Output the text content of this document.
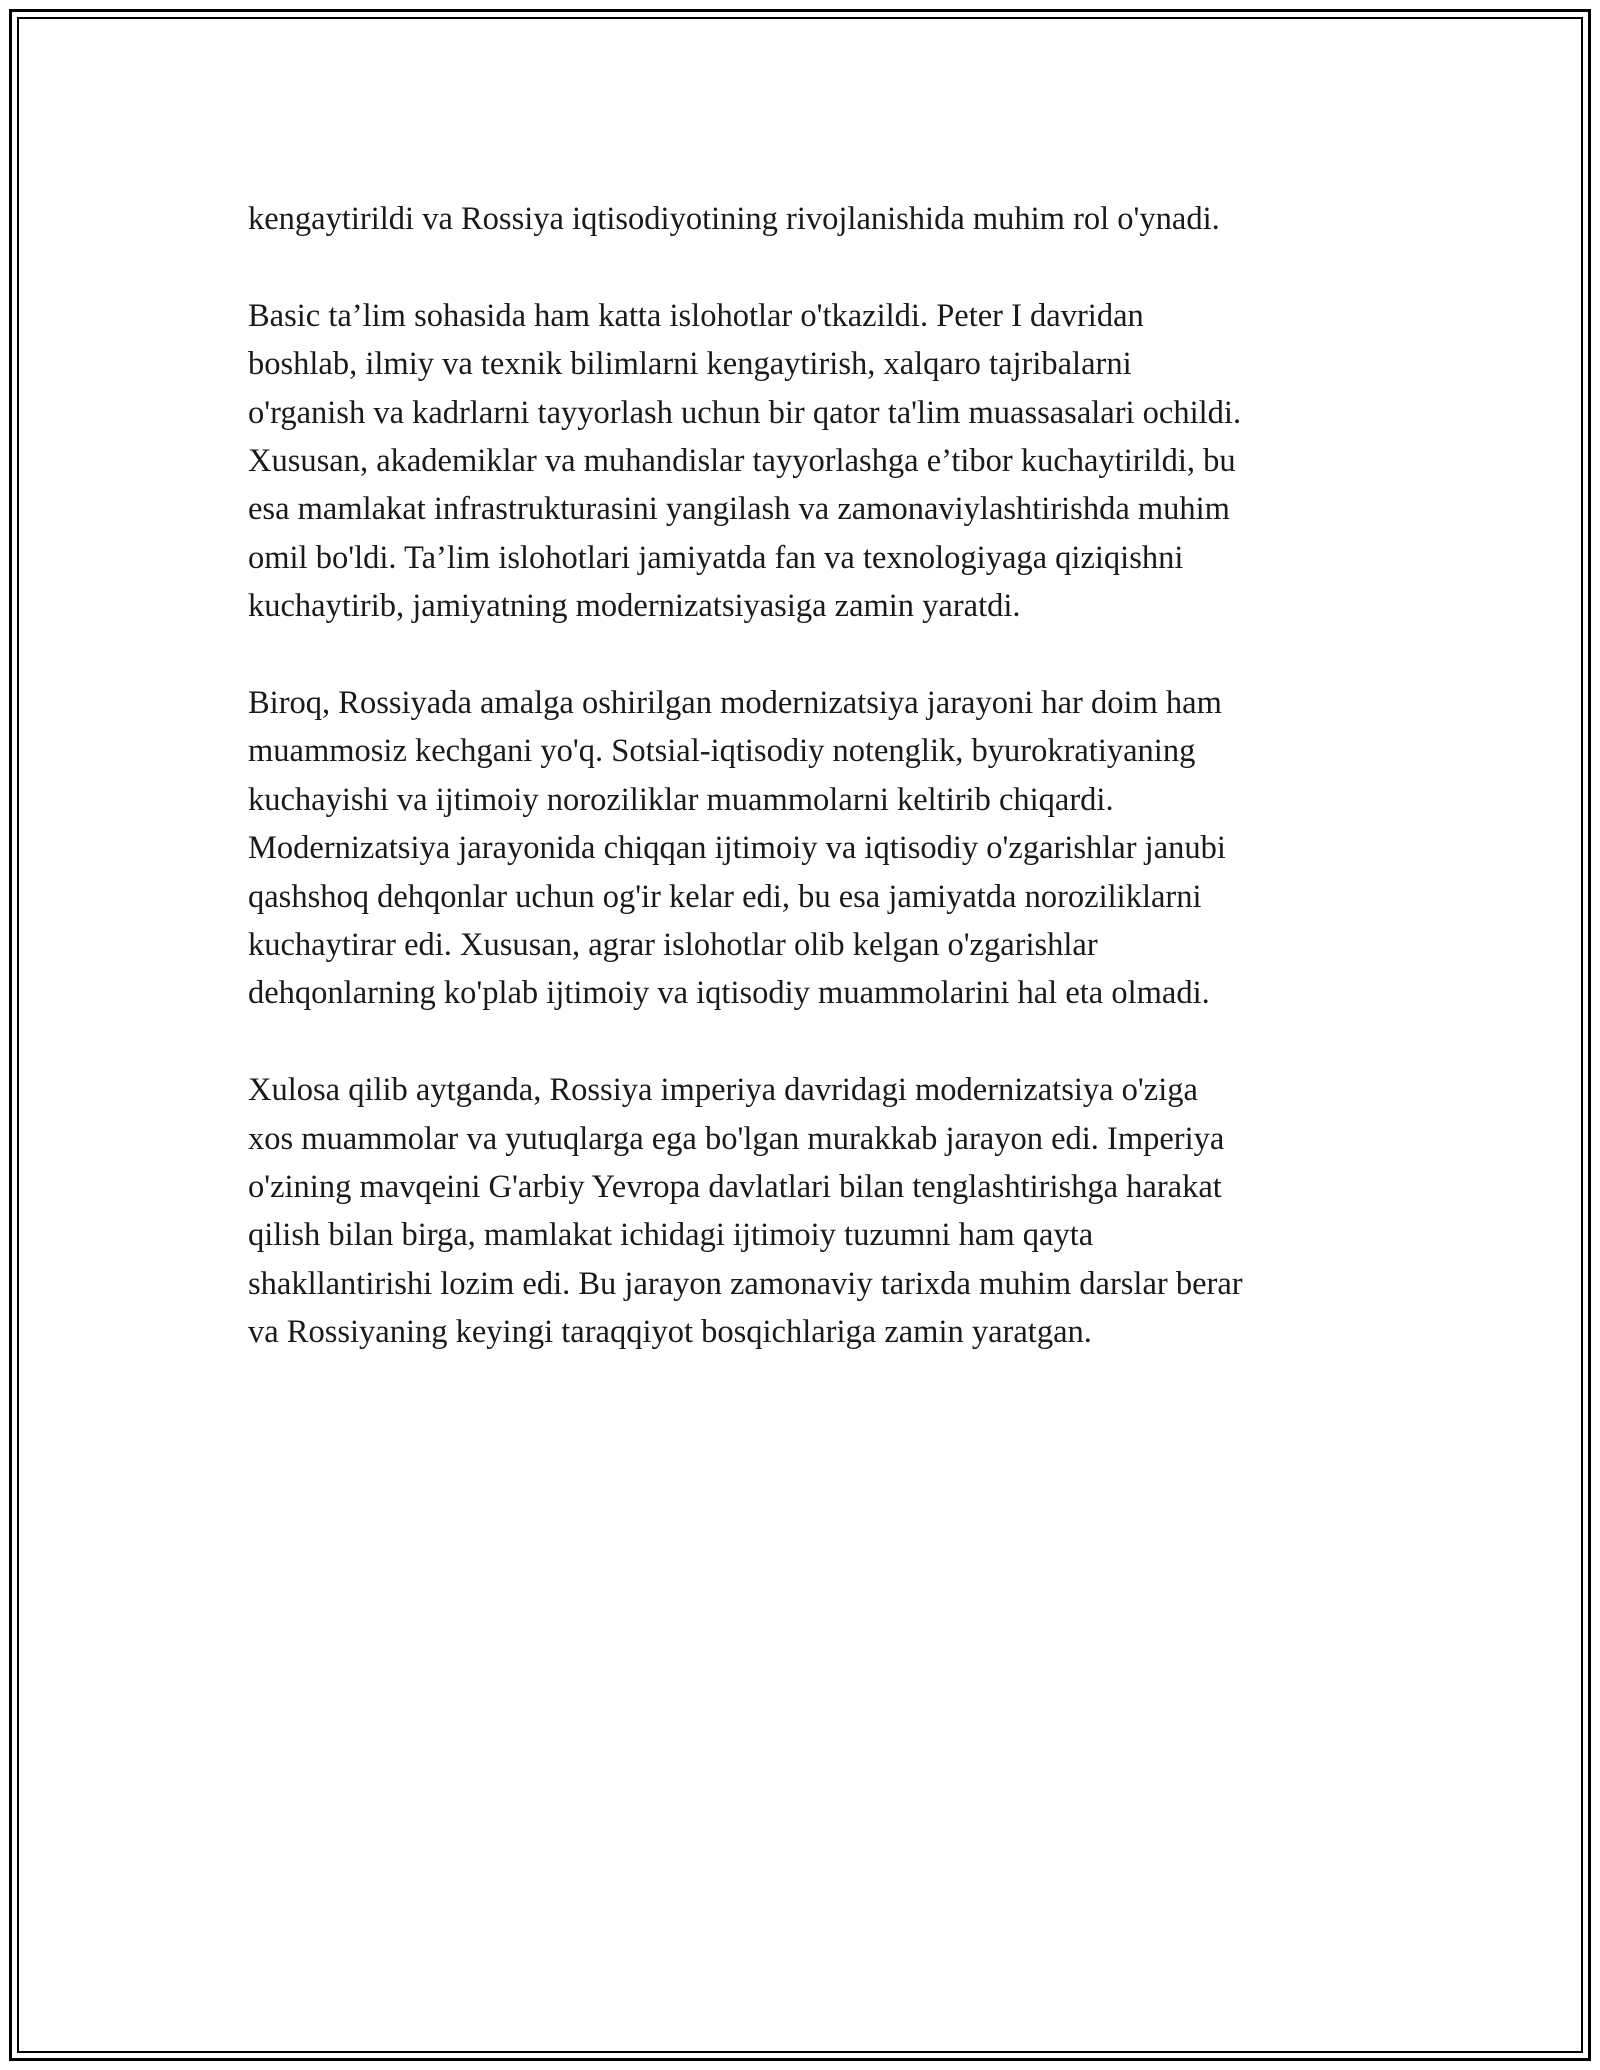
kengaytirildi va Rossiya iqtisodiyotining rivojlanishida muhim rol o'ynadi.

Basic ta’lim sohasida ham katta islohotlar o'tkazildi. Peter I davridan
boshlab, ilmiy va texnik bilimlarni kengaytirish, xalqaro tajribalarni
o'rganish va kadrlarni tayyorlash uchun bir qator ta'lim muassasalari ochildi.
Xususan, akademiklar va muhandislar tayyorlashga e’tibor kuchaytirildi, bu
esa mamlakat infrastrukturasini yangilash va zamonaviylashtirishda muhim
omil bo'ldi. Ta’lim islohotlari jamiyatda fan va texnologiyaga qiziqishni
kuchaytirib, jamiyatning modernizatsiyasiga zamin yaratdi.

Biroq, Rossiyada amalga oshirilgan modernizatsiya jarayoni har doim ham
muammosiz kechgani yo'q. Sotsial-iqtisodiy notenglik, byurokratiyaning
kuchayishi va ijtimoiy noroziliklar muammolarni keltirib chiqardi.
Modernizatsiya jarayonida chiqqan ijtimoiy va iqtisodiy o'zgarishlar janubi
qashshoq dehqonlar uchun og'ir kelar edi, bu esa jamiyatda noroziliklarni
kuchaytirar edi. Xususan, agrar islohotlar olib kelgan o'zgarishlar
dehqonlarning ko'plab ijtimoiy va iqtisodiy muammolarini hal eta olmadi.

Xulosa qilib aytganda, Rossiya imperiya davridagi modernizatsiya o'ziga
xos muammolar va yutuqlarga ega bo'lgan murakkab jarayon edi. Imperiya
o'zining mavqeini G'arbiy Yevropa davlatlari bilan tenglashtirishga harakat
qilish bilan birga, mamlakat ichidagi ijtimoiy tuzumni ham qayta
shakllantirishi lozim edi. Bu jarayon zamonaviy tarixda muhim darslar berar
va Rossiyaning keyingi taraqqiyot bosqichlariga zamin yaratgan.
